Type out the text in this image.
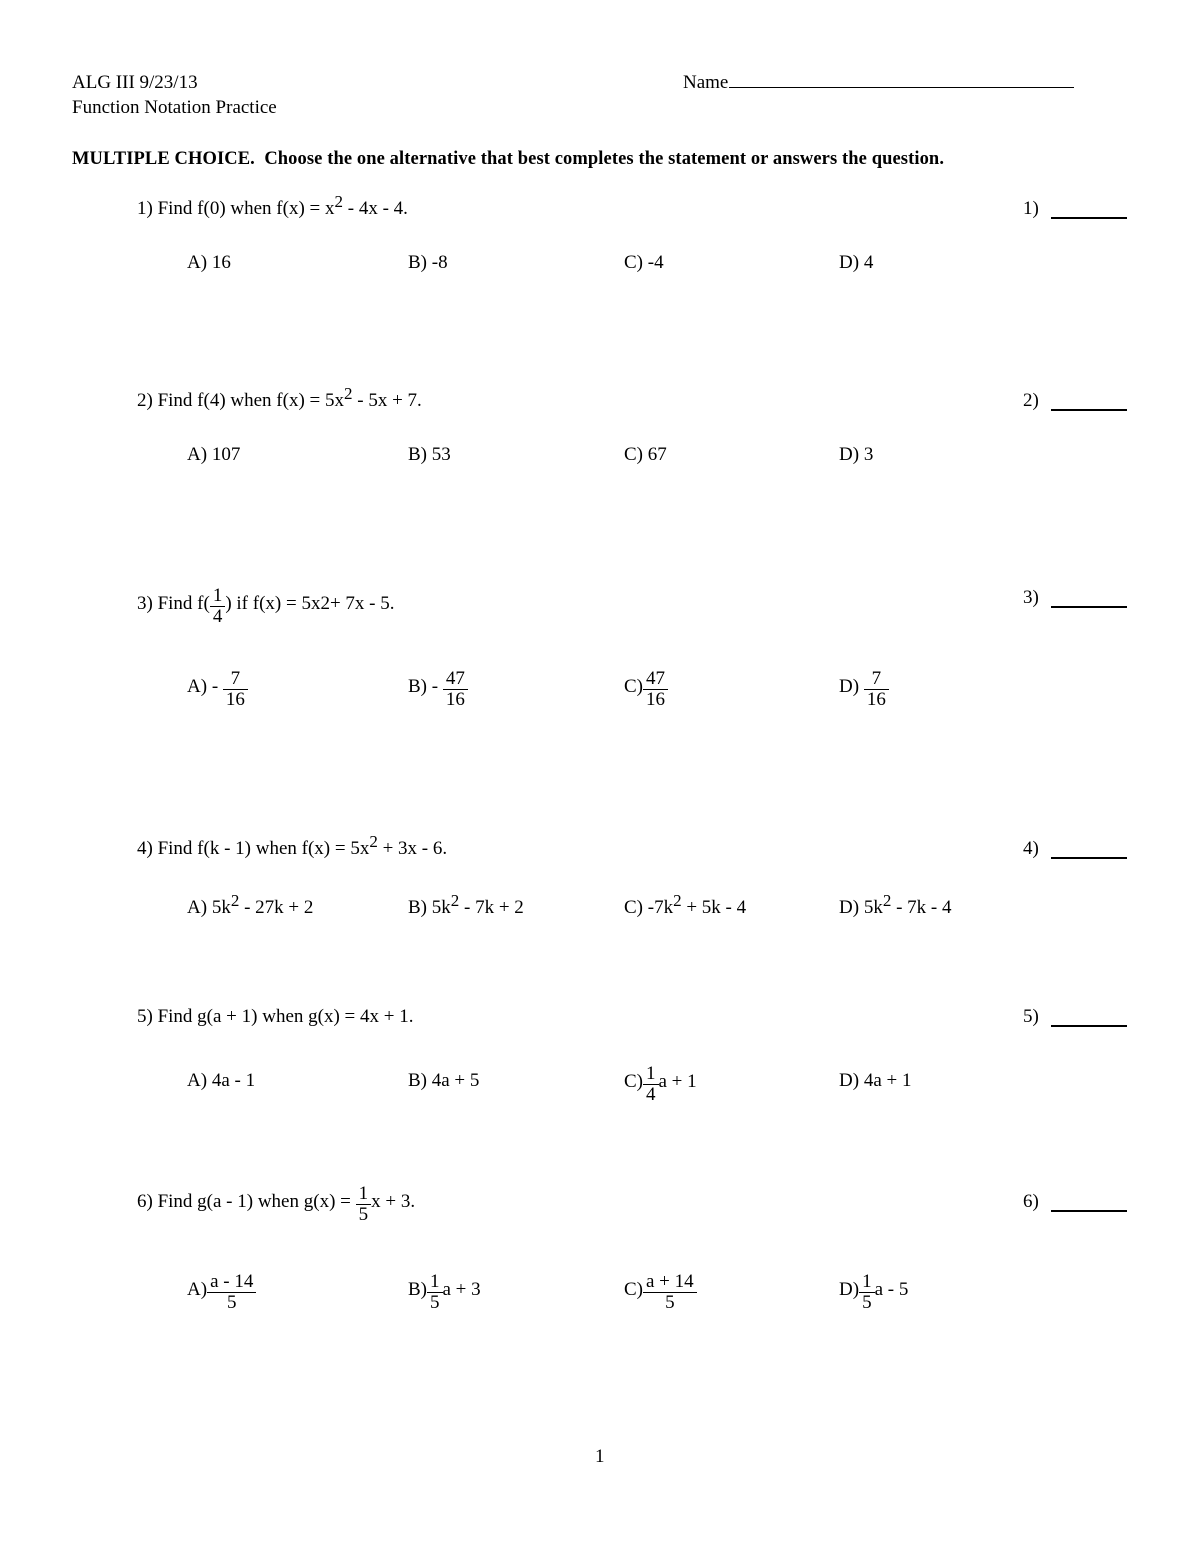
ALG III 9/23/13
Function Notation Practice
Name
MULTIPLE CHOICE. Choose the one alternative that best completes the statement or answers the question.
1) Find f(0) when f(x) = x2 - 4x - 4.	1)
A) 16	B) -8	C) -4	D) 4
2) Find f(4) when f(x) = 5x2 - 5x + 7.	2)
A) 107	B) 53	C) 67	D) 3
3) Find $f( \frac{1}{4}$ ) if f(x) = 5x2+ 7x - 5.	3)
$A) - \frac{7}{16}$	$B) - \frac{47}{16}$	$C) \frac{47}{16}$	$D) \frac{7}{16}$
4) Find f(k - 1) when f(x) = 5x2 + 3x - 6.	4)
A) 5k2 - 27k + 2	B) 5k2 - 7k + 2	C) -7k2 + 5k - 4	D) 5k2 - 7k - 4
5) Find g(a + 1) when g(x) = 4x + 1.	5)
A) 4a - 1	B) 4a + 5	$C) \frac{1}{4}$ a + 1	D) 4a + 1
6) Find g(a - 1) when $g(x) = \frac{1}{5}$ x + 3.	6)
$A) \frac{a - 14}{5}$	$B) \frac{1}{5}$ a + 3	$C) \frac{a + 14}{5}$	$D) \frac{1}{5}$ a - 5
1
